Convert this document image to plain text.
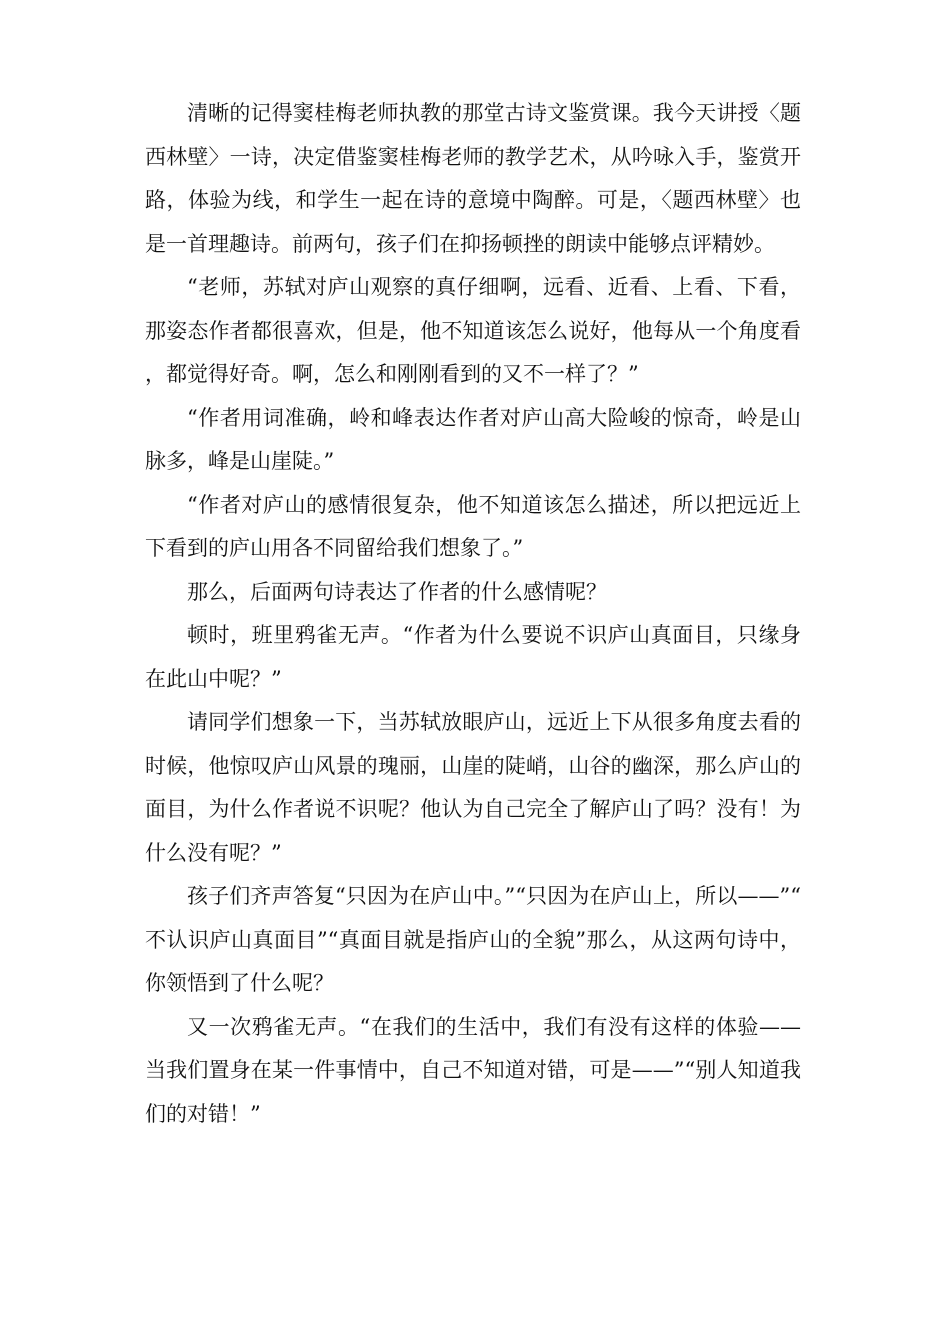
清晰的记得窦桂梅老师执教的那堂古诗文鉴赏课。我今天讲授〈题西林壁〉一诗，决定借鉴窦桂梅老师的教学艺术，从吟咏入手，鉴赏开路，体验为线，和学生一起在诗的意境中陶醉。可是，〈题西林壁〉也是一首理趣诗。前两句，孩子们在抑扬顿挫的朗读中能够点评精妙。

“老师，苏轼对庐山观察的真仔细啊，远看、近看、上看、下看，那姿态作者都很喜欢，但是，他不知道该怎么说好，他每从一个角度看，都觉得好奇。啊，怎么和刚刚看到的又不一样了？”

“作者用词准确，岭和峰表达作者对庐山高大险峻的惊奇，岭是山脉多，峰是山崖陡。”

“作者对庐山的感情很复杂，他不知道该怎么描述，所以把远近上下看到的庐山用各不同留给我们想象了。”

那么，后面两句诗表达了作者的什么感情呢？

顿时，班里鸦雀无声。“作者为什么要说不识庐山真面目，只缘身在此山中呢？”

请同学们想象一下，当苏轼放眼庐山，远近上下从很多角度去看的时候，他惊叹庐山风景的瑰丽，山崖的陡峭，山谷的幽深，那么庐山的面目，为什么作者说不识呢？他认为自己完全了解庐山了吗？没有！为什么没有呢？”

孩子们齐声答复“只因为在庐山中。”“只因为在庐山上，所以——”“不认识庐山真面目”“真面目就是指庐山的全貌”那么，从这两句诗中，你领悟到了什么呢？

又一次鸦雀无声。“在我们的生活中，我们有没有这样的体验——当我们置身在某一件事情中，自己不知道对错，可是——”“别人知道我们的对错！”
